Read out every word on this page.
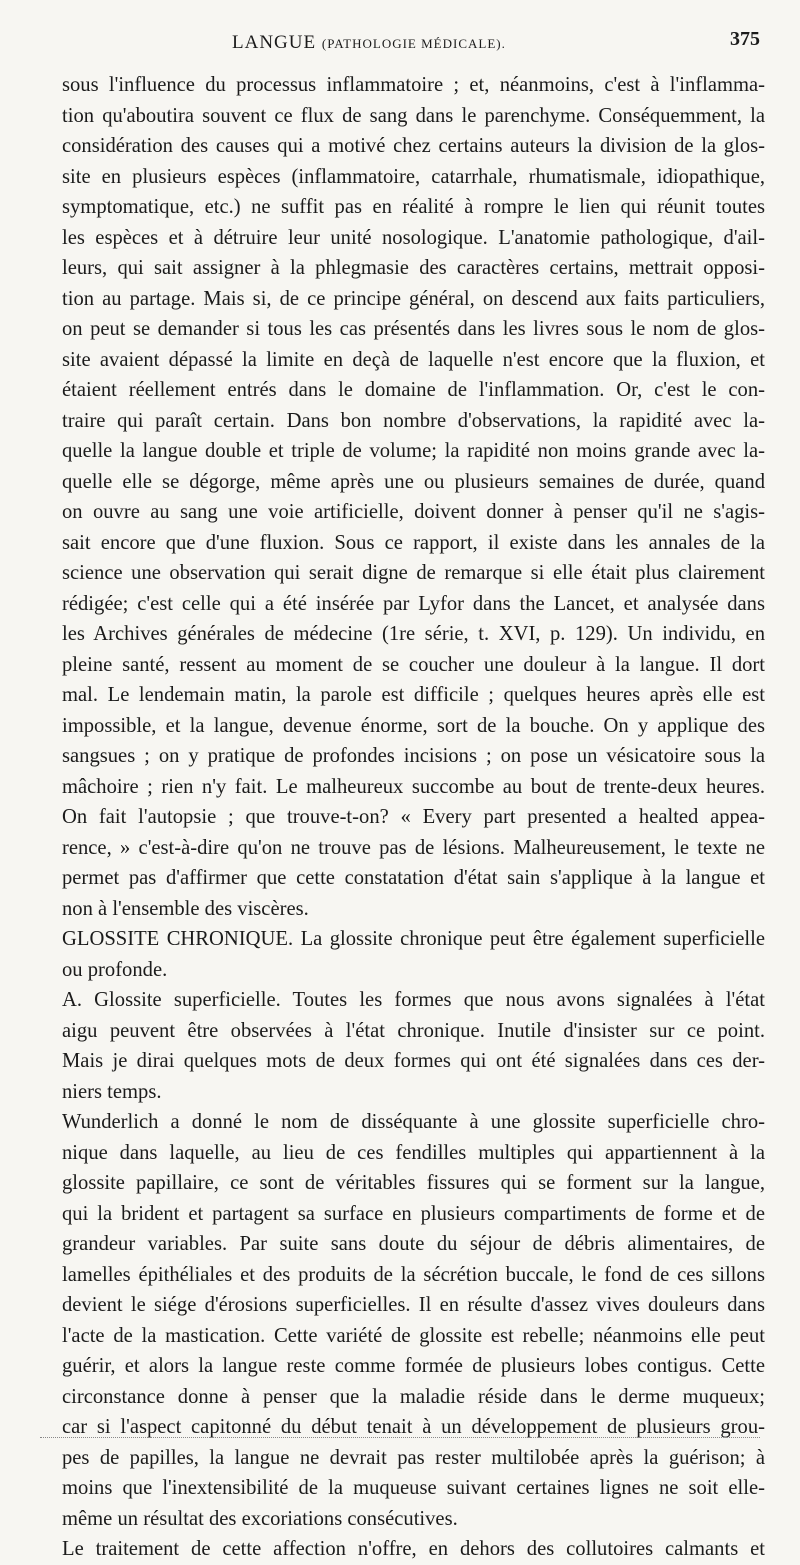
LANGUE (PATHOLOGIE MÉDICALE).	375
sous l'influence du processus inflammatoire ; et, néanmoins, c'est à l'inflamma-
tion qu'aboutira souvent ce flux de sang dans le parenchyme. Conséquemment, la
considération des causes qui a motivé chez certains auteurs la division de la glos-
site en plusieurs espèces (inflammatoire, catarrhale, rhumatismale, idiopathique,
symptomatique, etc.) ne suffit pas en réalité à rompre le lien qui réunit toutes
les espèces et à détruire leur unité nosologique. L'anatomie pathologique, d'ail-
leurs, qui sait assigner à la phlegmasie des caractères certains, mettrait opposi-
tion au partage. Mais si, de ce principe général, on descend aux faits particuliers,
on peut se demander si tous les cas présentés dans les livres sous le nom de glos-
site avaient dépassé la limite en deçà de laquelle n'est encore que la fluxion, et
étaient réellement entrés dans le domaine de l'inflammation. Or, c'est le con-
traire qui paraît certain. Dans bon nombre d'observations, la rapidité avec la-
quelle la langue double et triple de volume; la rapidité non moins grande avec la-
quelle elle se dégorge, même après une ou plusieurs semaines de durée, quand
on ouvre au sang une voie artificielle, doivent donner à penser qu'il ne s'agis-
sait encore que d'une fluxion. Sous ce rapport, il existe dans les annales de la
science une observation qui serait digne de remarque si elle était plus clairement
rédigée; c'est celle qui a été insérée par Lyfor dans the Lancet, et analysée dans
les Archives générales de médecine (1re série, t. XVI, p. 129). Un individu, en
pleine santé, ressent au moment de se coucher une douleur à la langue. Il dort
mal. Le lendemain matin, la parole est difficile ; quelques heures après elle est
impossible, et la langue, devenue énorme, sort de la bouche. On y applique des
sangsues ; on y pratique de profondes incisions ; on pose un vésicatoire sous la
mâchoire ; rien n'y fait. Le malheureux succombe au bout de trente-deux heures.
On fait l'autopsie ; que trouve-t-on? « Every part presented a healted appea-
rence, » c'est-à-dire qu'on ne trouve pas de lésions. Malheureusement, le texte ne
permet pas d'affirmer que cette constatation d'état sain s'applique à la langue et
non à l'ensemble des viscères.
GLOSSITE CHRONIQUE. La glossite chronique peut être également superficielle
ou profonde.
A. Glossite superficielle. Toutes les formes que nous avons signalées à l'état
aigu peuvent être observées à l'état chronique. Inutile d'insister sur ce point.
Mais je dirai quelques mots de deux formes qui ont été signalées dans ces der-
niers temps.
Wunderlich a donné le nom de disséquante à une glossite superficielle chro-
nique dans laquelle, au lieu de ces fendilles multiples qui appartiennent à la
glossite papillaire, ce sont de véritables fissures qui se forment sur la langue,
qui la brident et partagent sa surface en plusieurs compartiments de forme et de
grandeur variables. Par suite sans doute du séjour de débris alimentaires, de
lamelles épithéliales et des produits de la sécrétion buccale, le fond de ces sillons
devient le siége d'érosions superficielles. Il en résulte d'assez vives douleurs dans
l'acte de la mastication. Cette variété de glossite est rebelle; néanmoins elle peut
guérir, et alors la langue reste comme formée de plusieurs lobes contigus. Cette
circonstance donne à penser que la maladie réside dans le derme muqueux;
car si l'aspect capitonné du début tenait à un développement de plusieurs grou-
pes de papilles, la langue ne devrait pas rester multilobée après la guérison; à
moins que l'inextensibilité de la muqueuse suivant certaines lignes ne soit elle-
même un résultat des excoriations consécutives.
Le traitement de cette affection n'offre, en dehors des collutoires calmants et
